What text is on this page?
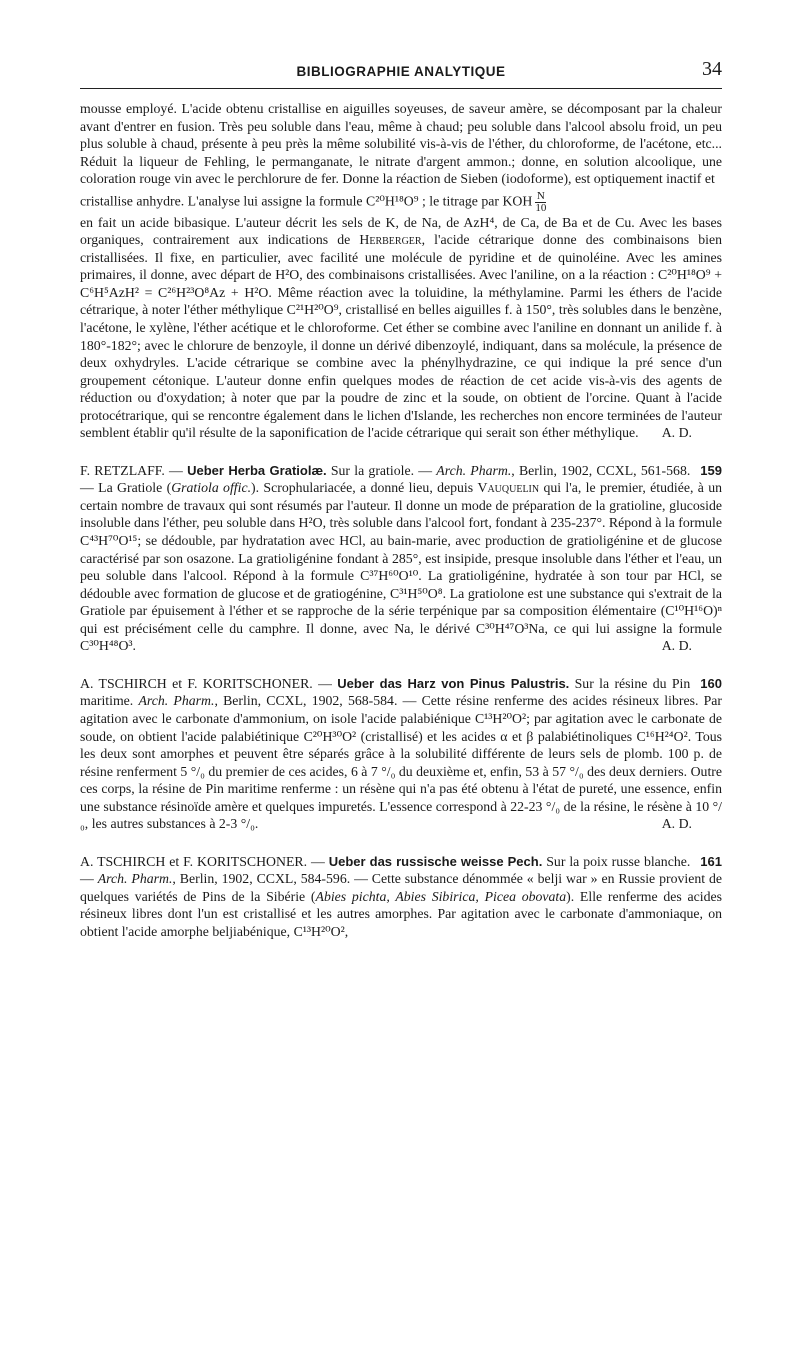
BIBLIOGRAPHIE ANALYTIQUE	34

mousse employé. L'acide obtenu cristallise en aiguilles soyeuses, de saveur amère, se décomposant par la chaleur avant d'entrer en fusion. Très peu soluble dans l'eau, même à chaud; peu soluble dans l'alcool absolu froid, un peu plus soluble à chaud, présente à peu près la même solubilité vis-à-vis de l'éther, du chloroforme, de l'acétone, etc... Réduit la liqueur de Fehling, le permanganate, le nitrate d'argent ammon.; donne, en solution alcoolique, une coloration rouge vin avec le perchlorure de fer. Donne la réaction de Sieben (iodoforme), est optiquement inactif et

cristallise anhydre. L'analyse lui assigne la formule C²⁰H¹⁸O⁹ ; le titrage par KOH $\frac{N}{10}$

en fait un acide bibasique. L'auteur décrit les sels de K, de Na, de AzH⁴, de Ca, de Ba et de Cu. Avec les bases organiques, contrairement aux indications de Herberger, l'acide cétrarique donne des combinaisons bien cristallisées. Il fixe, en particulier, avec facilité une molécule de pyridine et de quinoléine. Avec les amines primaires, il donne, avec départ de H²O, des combinaisons cristallisées. Avec l'aniline, on a la réaction : C²⁰H¹⁸O⁹ + C⁶H⁵AzH² = C²⁶H²³O⁸Az + H²O. Même réaction avec la toluidine, la méthylamine. Parmi les éthers de l'acide cétrarique, à noter l'éther méthylique C²¹H²⁰O⁹, cristallisé en belles aiguilles f. à 150°, très solubles dans le benzène, l'acétone, le xylène, l'éther acétique et le chloroforme. Cet éther se combine avec l'aniline en donnant un anilide f. à 180°-182°; avec le chlorure de benzoyle, il donne un dérivé dibenzoylé, indiquant, dans sa molécule, la présence de deux oxhydryles. L'acide cétrarique se combine avec la phénylhydrazine, ce qui indique la pré sence d'un groupement cétonique. L'auteur donne enfin quelques modes de réaction de cet acide vis-à-vis des agents de réduction ou d'oxydation; à noter que par la poudre de zinc et la soude, on obtient de l'orcine. Quant à l'acide protocétrarique, qui se rencontre également dans le lichen d'Islande, les recherches non encore terminées de l'auteur semblent établir qu'il résulte de la saponification de l'acide cétrarique qui serait son éther méthylique.	A. D.

159
F. RETZLAFF. — Ueber Herba Gratiolæ. Sur la gratiole. — Arch. Pharm., Berlin, 1902, CCXL, 561-568. — La Gratiole (Gratiola offic.). Scrophulariacée, a donné lieu, depuis Vauquelin qui l'a, le premier, étudiée, à un certain nombre de travaux qui sont résumés par l'auteur. Il donne un mode de préparation de la gratioline, glucoside insoluble dans l'éther, peu soluble dans H²O, très soluble dans l'alcool fort, fondant à 235-237°. Répond à la formule C⁴³H⁷⁰O¹⁵; se dédouble, par hydratation avec HCl, au bain-marie, avec production de gratioligénine et de glucose caractérisé par son osazone. La gratioligénine fondant à 285°, est insipide, presque insoluble dans l'éther et l'eau, un peu soluble dans l'alcool. Répond à la formule C³⁷H⁶⁰O¹⁰. La gratioligénine, hydratée à son tour par HCl, se dédouble avec formation de glucose et de gratiogénine, C³¹H⁵⁰O⁸. La gratiolone est une substance qui s'extrait de la Gratiole par épuisement à l'éther et se rapproche de la série terpénique par sa composition élémentaire (C¹⁰H¹⁶O)ⁿ qui est précisément celle du camphre. Il donne, avec Na, le dérivé C³⁰H⁴⁷O³Na, ce qui lui assigne la formule C³⁰H⁴⁸O³.	A. D.

160
A. TSCHIRCH et F. KORITSCHONER. — Ueber das Harz von Pinus Palustris. Sur la résine du Pin maritime. Arch. Pharm., Berlin, CCXL, 1902, 568-584. — Cette résine renferme des acides résineux libres. Par agitation avec le carbonate d'ammonium, on isole l'acide palabiénique C¹³H²⁰O²; par agitation avec le carbonate de soude, on obtient l'acide palabiétinique C²⁰H³⁰O² (cristallisé) et les acides α et β palabiétinoliques C¹⁶H²⁴O². Tous les deux sont amorphes et peuvent être séparés grâce à la solubilité différente de leurs sels de plomb. 100 p. de résine renferment 5 °/₀ du premier de ces acides, 6 à 7 °/₀ du deuxième et, enfin, 53 à 57 °/₀ des deux derniers. Outre ces corps, la résine de Pin maritime renferme : un résène qui n'a pas été obtenu à l'état de pureté, une essence, enfin une substance résinoïde amère et quelques impuretés. L'essence correspond à 22-23 °/₀ de la résine, le résène à 10 °/₀, les autres substances à 2-3 °/₀.	A. D.

161
A. TSCHIRCH et F. KORITSCHONER. — Ueber das russische weisse Pech. Sur la poix russe blanche. — Arch. Pharm., Berlin, 1902, CCXL, 584-596. — Cette substance dénommée « belji war » en Russie provient de quelques variétés de Pins de la Sibérie (Abies pichta, Abies Sibirica, Picea obovata). Elle renferme des acides résineux libres dont l'un est cristallisé et les autres amorphes. Par agitation avec le carbonate d'ammoniaque, on obtient l'acide amorphe beljiabénique, C¹³H²⁰O²,
